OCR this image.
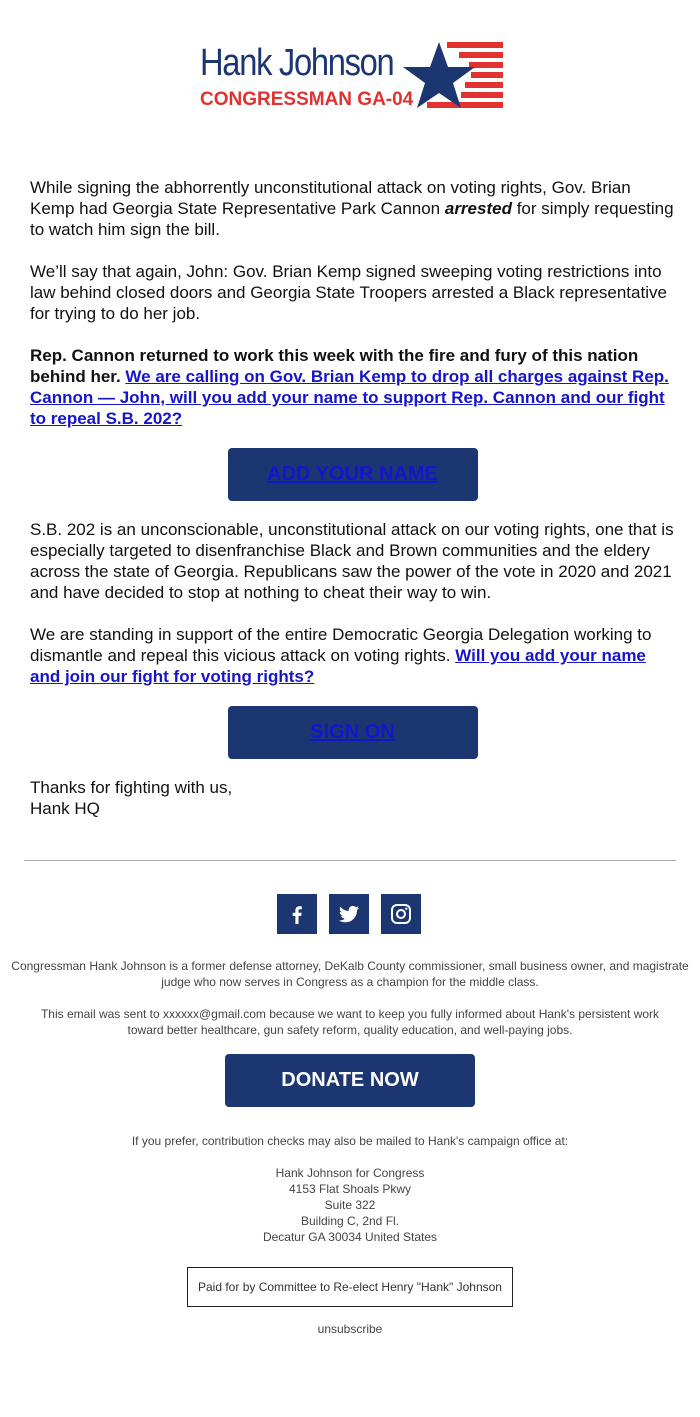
Hank Johnson
CONGRESSMAN GA-04

While signing the abhorrently unconstitutional attack on voting rights, Gov. Brian Kemp had Georgia State Representative Park Cannon arrested for simply requesting to watch him sign the bill.

We’ll say that again, John: Gov. Brian Kemp signed sweeping voting restrictions into law behind closed doors and Georgia State Troopers arrested a Black representative for trying to do her job.

Rep. Cannon returned to work this week with the fire and fury of this nation behind her. We are calling on Gov. Brian Kemp to drop all charges against Rep. Cannon — John, will you add your name to support Rep. Cannon and our fight to repeal S.B. 202?

ADD YOUR NAME

S.B. 202 is an unconscionable, unconstitutional attack on our voting rights, one that is especially targeted to disenfranchise Black and Brown communities and the eldery across the state of Georgia. Republicans saw the power of the vote in 2020 and 2021 and have decided to stop at nothing to cheat their way to win.

We are standing in support of the entire Democratic Georgia Delegation working to dismantle and repeal this vicious attack on voting rights. Will you add your name and join our fight for voting rights?

SIGN ON

Thanks for fighting with us,
Hank HQ

Congressman Hank Johnson is a former defense attorney, DeKalb County commissioner, small business owner, and magistrate judge who now serves in Congress as a champion for the middle class.

This email was sent to xxxxxx@gmail.com because we want to keep you fully informed about Hank's persistent work toward better healthcare, gun safety reform, quality education, and well-paying jobs.

DONATE NOW

If you prefer, contribution checks may also be mailed to Hank's campaign office at:

Hank Johnson for Congress
4153 Flat Shoals Pkwy
Suite 322
Building C, 2nd Fl.
Decatur GA 30034 United States

Paid for by Committee to Re-elect Henry "Hank" Johnson
unsubscribe
